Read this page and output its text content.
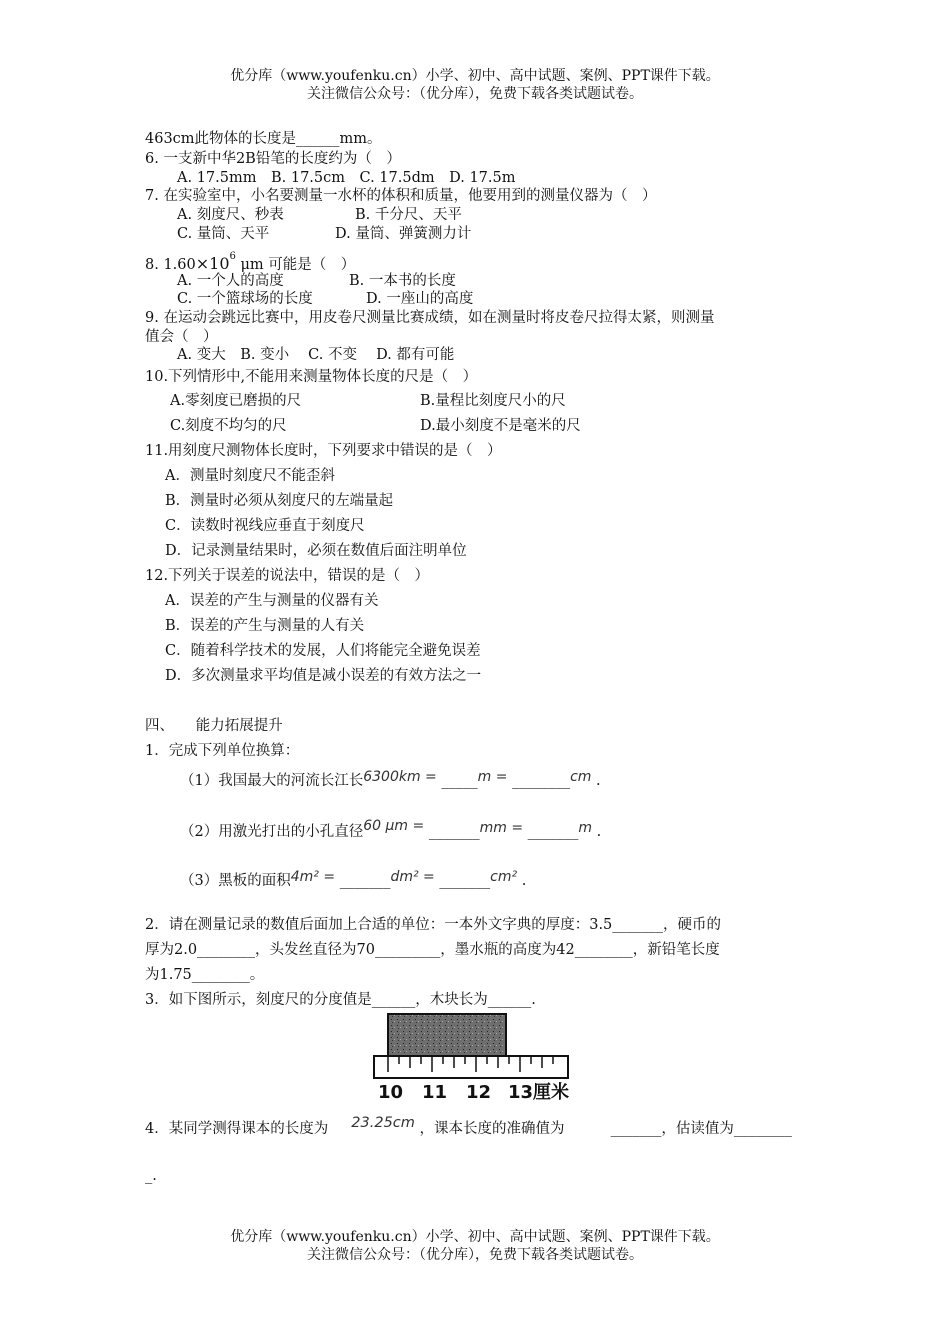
优分库（www.youfenku.cn）小学、初中、高中试题、案例、PPT课件下载。
关注微信公众号：（优分库），免费下载各类试题试卷。
463cm此物体的长度是______mm。
6. 一支新中华2B铅笔的长度约为（　）
A. 17.5mm　B. 17.5cm　C. 17.5dm　D. 17.5m
7. 在实验室中，小名要测量一水杯的体积和质量，他要用到的测量仪器为（　）
A. 刻度尺、秒表	B. 千分尺、天平
C. 量筒、天平	D. 量筒、弹簧测力计
8. $1.60\times 10^6$ μm 可能是（　）
A. 一个人的高度	B. 一本书的长度
C. 一个篮球场的长度	D. 一座山的高度
9. 在运动会跳远比赛中，用皮卷尺测量比赛成绩，如在测量时将皮卷尺拉得太紧，则测量
值会（　）
A. 变大　B. 变小　 C. 不变　 D. 都有可能
10.下列情形中,不能用来测量物体长度的尺是（　）
A.零刻度已磨损的尺	B.量程比刻度尺小的尺
C.刻度不均匀的尺	D.最小刻度不是毫米的尺
11.用刻度尺测物体长度时，下列要求中错误的是（　）
A．测量时刻度尺不能歪斜
B．测量时必须从刻度尺的左端量起
C．读数时视线应垂直于刻度尺
D．记录测量结果时，必须在数值后面注明单位
12.下列关于误差的说法中，错误的是（　）
A．误差的产生与测量的仪器有关
B．误差的产生与测量的人有关
C．随着科学技术的发展，人们将能完全避免误差
D．多次测量求平均值是减小误差的有效方法之一
四、　　能力拓展提升
1．完成下列单位换算：
（1）我国最大的河流长江长6300km = _____m = ________cm .
（2）用激光打出的小孔直径60 μm = _______mm = _______m .
（3）黑板的面积4m² = _______dm² = _______cm² .
2．请在测量记录的数值后面加上合适的单位：一本外文字典的厚度：3.5_______，硬币的
厚为2.0________，头发丝直径为70_________，墨水瓶的高度为42________，新铅笔长度
为1.75________。
3．如下图所示，刻度尺的分度值是______，木块长为______.
10 11 12 13厘米
4．某同学测得课本的长度为 23.25cm ，课本长度的准确值为	_______，估读值为________
_.
优分库（www.youfenku.cn）小学、初中、高中试题、案例、PPT课件下载。
关注微信公众号：（优分库），免费下载各类试题试卷。
